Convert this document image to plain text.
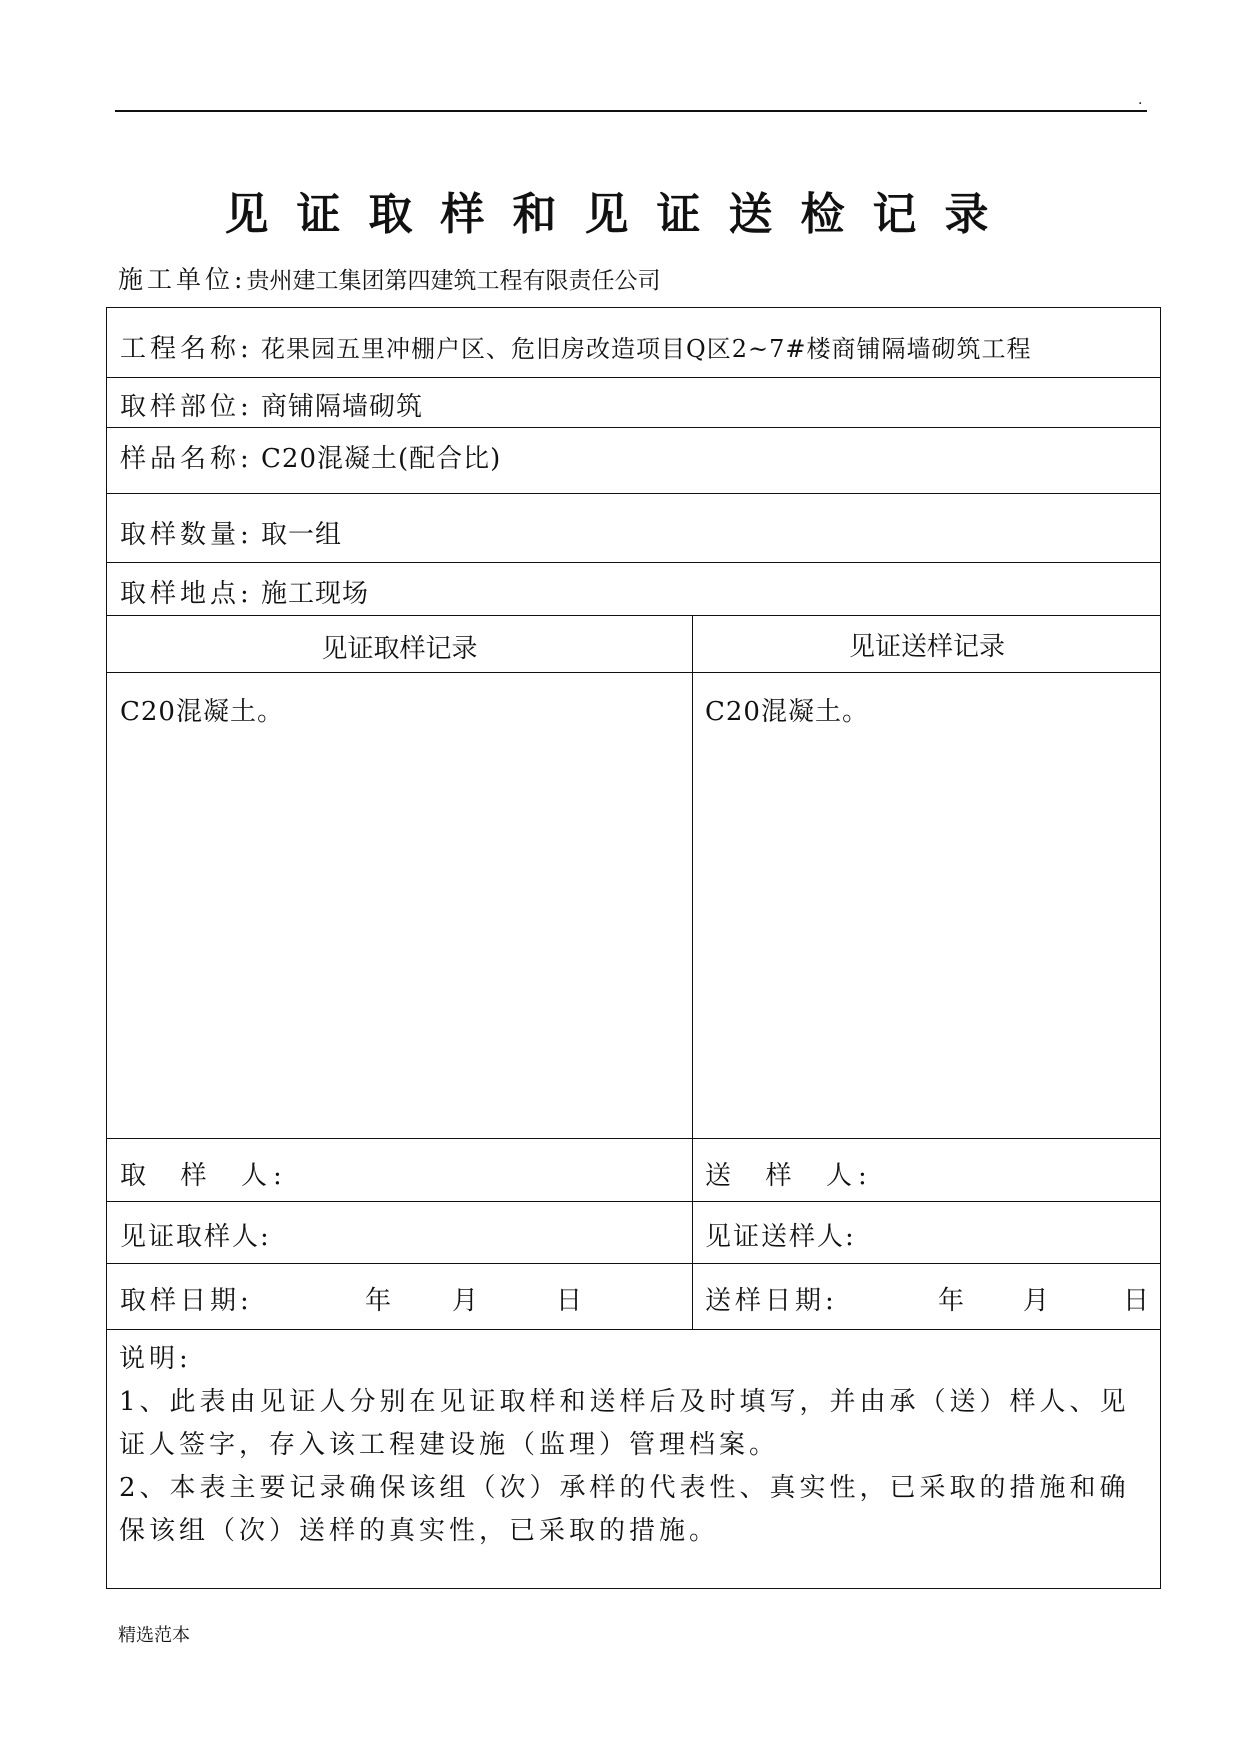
.
见证取样和见证送检记录
施工单位:贵州建工集团第四建筑工程有限责任公司
工程名称: 花果园五里冲棚户区、危旧房改造项目Q区2~7#楼商铺隔墙砌筑工程
取样部位: 商铺隔墙砌筑
样品名称: C20混凝土(配合比)
取样数量: 取一组
取样地点: 施工现场
见证取样记录	见证送样记录
C20混凝土。	C20混凝土。
取  样  人:	送  样  人:
见证取样人:	见证送样人:
取样日期:	年 月	日	送样日期:	年 月	日

说明:

1、此表由见证人分别在见证取样和送样后及时填写，并由承（送）样人、见证人签字，存入该工程建设施（监理）管理档案。

2、本表主要记录确保该组（次）承样的代表性、真实性，已采取的措施和确保该组（次）送样的真实性，已采取的措施。

精选范本
